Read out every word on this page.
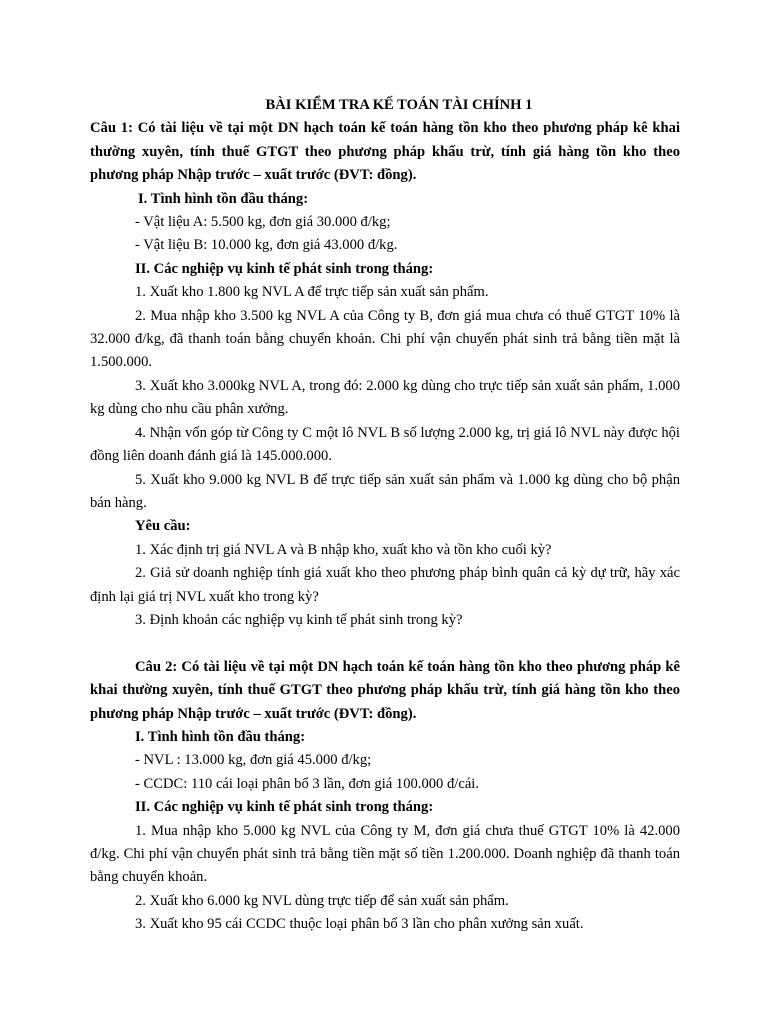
BÀI KIỂM TRA KẾ TOÁN TÀI CHÍNH 1

Câu 1: Có tài liệu về tại một DN hạch toán kế toán hàng tồn kho theo phương pháp kê khai thường xuyên, tính thuế GTGT theo phương pháp khấu trừ, tính giá hàng tồn kho theo phương pháp Nhập trước – xuất trước (ĐVT: đồng).

I. Tình hình tồn đầu tháng:

- Vật liệu A: 5.500 kg, đơn giá 30.000 đ/kg;

- Vật liệu B: 10.000 kg, đơn giá 43.000 đ/kg.

II. Các nghiệp vụ kinh tế phát sinh trong tháng:

1. Xuất kho 1.800 kg NVL A để trực tiếp sản xuất sản phẩm.

2. Mua nhập kho 3.500 kg NVL A của Công ty B, đơn giá mua chưa có thuế GTGT 10% là 32.000 đ/kg, đã thanh toán bằng chuyển khoản. Chi phí vận chuyển phát sinh trả bằng tiền mặt là 1.500.000.

3. Xuất kho 3.000kg NVL A, trong đó: 2.000 kg dùng cho trực tiếp sản xuất sản phẩm, 1.000 kg dùng cho nhu cầu phân xưởng.

4. Nhận vốn góp từ Công ty C một lô NVL B số lượng 2.000 kg, trị giá lô NVL này được hội đồng liên doanh đánh giá là 145.000.000.

5. Xuất kho 9.000 kg NVL B để trực tiếp sản xuất sản phẩm và 1.000 kg dùng cho bộ phận bán hàng.

Yêu cầu:

1. Xác định trị giá NVL A và B nhập kho, xuất kho và tồn kho cuối kỳ?

2. Giả sử doanh nghiệp tính giá xuất kho theo phương pháp bình quân cả kỳ dự trữ, hãy xác định lại giá trị NVL xuất kho trong kỳ?

3. Định khoản các nghiệp vụ kinh tế phát sinh trong kỳ?

Câu 2: Có tài liệu về tại một DN hạch toán kế toán hàng tồn kho theo phương pháp kê khai thường xuyên, tính thuế GTGT theo phương pháp khấu trừ, tính giá hàng tồn kho theo phương pháp Nhập trước – xuất trước (ĐVT: đồng).

I. Tình hình tồn đầu tháng:

- NVL : 13.000 kg, đơn giá 45.000 đ/kg;

- CCDC: 110 cái loại phân bổ 3 lần, đơn giá 100.000 đ/cái.

II. Các nghiệp vụ kinh tế phát sinh trong tháng:

1. Mua nhập kho 5.000 kg NVL của Công ty M, đơn giá chưa thuế GTGT 10% là 42.000 đ/kg. Chi phí vận chuyển phát sinh trả bằng tiền mặt số tiền 1.200.000. Doanh nghiệp đã thanh toán bằng chuyển khoản.

2. Xuất kho 6.000 kg NVL dùng trực tiếp để sản xuất sản phẩm.

3. Xuất kho 95 cái CCDC thuộc loại phân bổ 3 lần cho phân xưởng sản xuất.
